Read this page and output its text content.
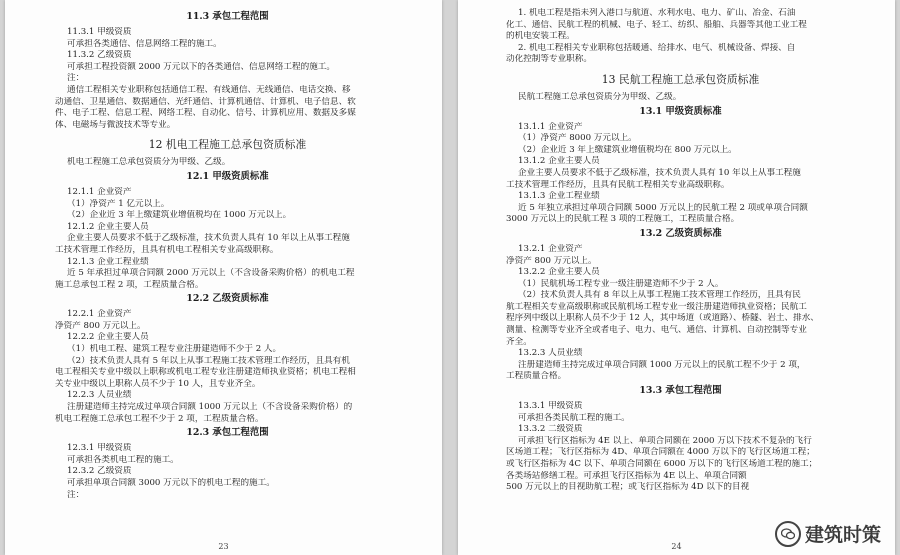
11.3 承包工程范围
11.3.1 甲级资质
可承担各类通信、信息网络工程的施工。
11.3.2 乙级资质
可承担工程投资额 2000 万元以下的各类通信、信息网络工程的施工。
注：
通信工程相关专业职称包括通信工程、有线通信、无线通信、电话交换、移
动通信、卫星通信、数据通信、光纤通信、计算机通信、计算机、电子信息、软
件、电子工程、信息工程、网络工程、自动化、信号、计算机应用、数据及多媒
体、电磁场与微波技术等专业。
12 机电工程施工总承包资质标准
机电工程施工总承包资质分为甲级、乙级。
12.1 甲级资质标准
12.1.1 企业资产
（1）净资产 1 亿元以上。
（2）企业近 3 年上缴建筑业增值税均在 1000 万元以上。
12.1.2 企业主要人员
企业主要人员要求不低于乙级标准，技术负责人具有 10 年以上从事工程施
工技术管理工作经历，且具有机电工程相关专业高级职称。
12.1.3 企业工程业绩
近 5 年承担过单项合同额 2000 万元以上（不含设备采购价格）的机电工程
施工总承包工程 2 项，工程质量合格。
12.2 乙级资质标准
12.2.1 企业资产
净资产 800 万元以上。
12.2.2 企业主要人员
（1）机电工程、建筑工程专业注册建造师不少于 2 人。
（2）技术负责人具有 5 年以上从事工程施工技术管理工作经历，且具有机
电工程相关专业中级以上职称或机电工程专业注册建造师执业资格；机电工程相
关专业中级以上职称人员不少于 10 人，且专业齐全。
12.2.3 人员业绩
注册建造师主持完成过单项合同额 1000 万元以上（不含设备采购价格）的
机电工程施工总承包工程不少于 2 项，工程质量合格。
12.3 承包工程范围
12.3.1 甲级资质
可承担各类机电工程的施工。
12.3.2 乙级资质
可承担单项合同额 3000 万元以下的机电工程的施工。
注：
23
1. 机电工程是指未列入港口与航道、水利水电、电力、矿山、冶金、石油
化工、通信、民航工程的机械、电子、轻工、纺织、船舶、兵器等其他工业工程
的机电安装工程。
2. 机电工程相关专业职称包括暖通、给排水、电气、机械设备、焊接、自
动化控制等专业职称。
13 民航工程施工总承包资质标准
民航工程施工总承包资质分为甲级、乙级。
13.1 甲级资质标准
13.1.1 企业资产
（1）净资产 8000 万元以上。
（2）企业近 3 年上缴建筑业增值税均在 800 万元以上。
13.1.2 企业主要人员
企业主要人员要求不低于乙级标准，技术负责人具有 10 年以上从事工程施
工技术管理工作经历，且具有民航工程相关专业高级职称。
13.1.3 企业工程业绩
近 5 年独立承担过单项合同额 5000 万元以上的民航工程 2 项或单项合同额
3000 万元以上的民航工程 3 项的工程施工，工程质量合格。
13.2 乙级资质标准
13.2.1 企业资产
净资产 800 万元以上。
13.2.2 企业主要人员
（1）民航机场工程专业一级注册建造师不少于 2 人。
（2）技术负责人具有 8 年以上从事工程施工技术管理工作经历，且具有民
航工程相关专业高级职称或民航机场工程专业一级注册建造师执业资格；民航工
程序列中级以上职称人员不少于 12 人，其中场道（或道路）、桥隧、岩土、排水、
测量、检测等专业齐全或者电子、电力、电气、通信、计算机、自动控制等专业
齐全。
13.2.3 人员业绩
注册建造师主持完成过单项合同额 1000 万元以上的民航工程不少于 2 项，
工程质量合格。
13.3 承包工程范围
13.3.1 甲级资质
可承担各类民航工程的施工。
13.3.2 二级资质
可承担飞行区指标为 4E 以上、单项合同额在 2000 万以下技术不复杂的飞行
区场道工程；飞行区指标为 4D、单项合同额在 4000 万以下的飞行区场道工程；
或飞行区指标为 4C 以下、单项合同额在 6000 万以下的飞行区场道工程的施工；
各类场站修缮工程。可承担飞行区指标为 4E 以上、单项合同额
500 万元以上的目视助航工程；或飞行区指标为 4D 以下的目视
24
建筑时策
